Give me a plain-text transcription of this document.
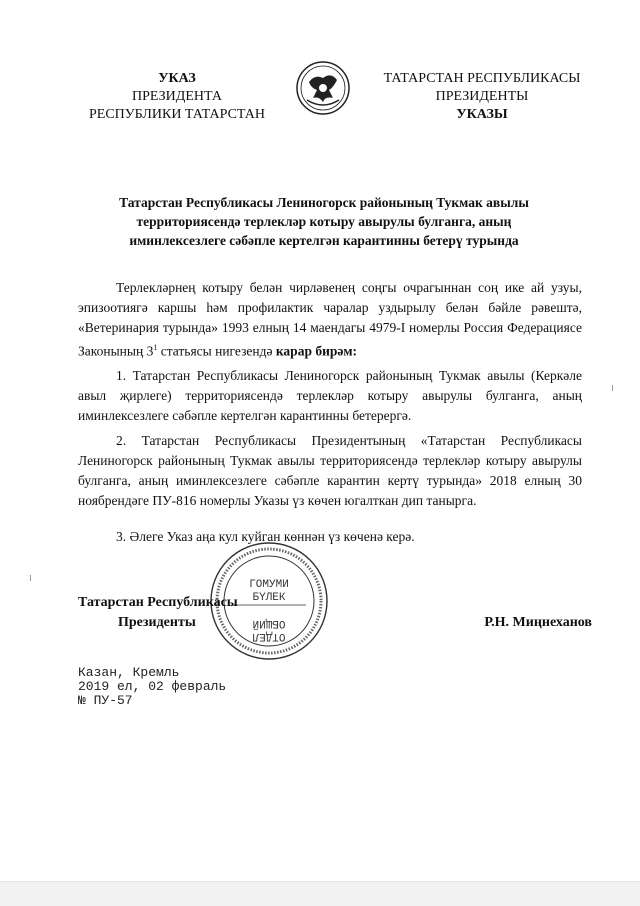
УКАЗ
ПРЕЗИДЕНТА
РЕСПУБЛИКИ ТАТАРСТАН
ТАТАРСТАН РЕСПУБЛИКАСЫ
ПРЕЗИДЕНТЫ
УКАЗЫ
Татарстан Республикасы Лениногорск районының Тукмак авылы
территориясендә терлекләр котыру авырулы булганга, аның
иминлексезлеге сәбәпле кертелгән карантинны бетерү турында
Терлекләрнең котыру белән чирләвенең соңгы очрагыннан соң ике ай узуы, эпизоотиягә каршы һәм профилактик чаралар уздырылу белән бәйле рәвештә, «Ветеринария турында» 1993 елның 14 маендагы 4979-I номерлы Россия Федерациясе Законының $3^1$ статьясы нигезендә карар бирәм:
1. Татарстан Республикасы Лениногорск районының Тукмак авылы (Керкәле авыл җирлеге) территориясендә терлекләр котыру авырулы булганга, аның иминлексезлеге сәбәпле кертелгән карантинны бетерергә.
2. Татарстан Республикасы Президентының «Татарстан Республикасы Лениногорск районының Тукмак авылы территориясендә терлекләр котыру авырулы булганга, аның иминлексезлеге сәбәпле карантин кертү турында» 2018 елның 30 ноябрендәге ПУ-816 номерлы Указы үз көчен югалткан дип танырга.
3. Әлеге Указ аңа кул куйган көннән үз көченә керә.
ГОМУМИ
БҮЛЕК
ОБЩИЙ
ОТДЕЛ
Татарстан Республикасы
Президенты	Р.Н. Миңнеханов
Казан, Кремль
2019 ел, 02 февраль
№ ПУ-57
